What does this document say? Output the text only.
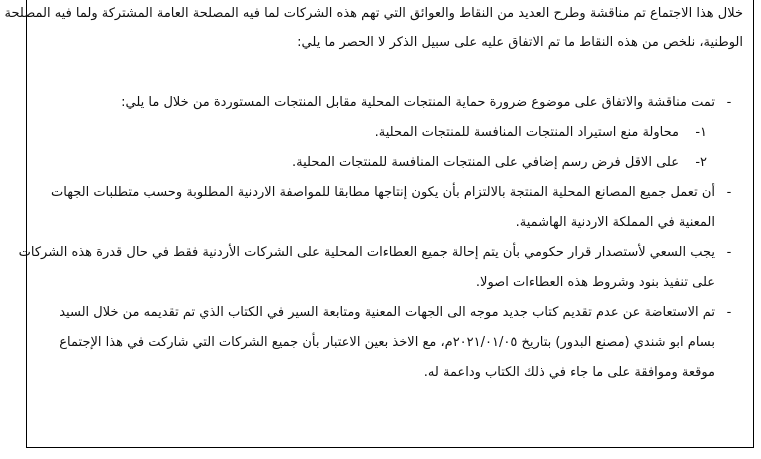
خلال هذا الاجتماع تم مناقشة وطرح العديد من النقاط والعوائق التي تهم هذه الشركات لما فيه المصلحة العامة المشتركة ولما فيه المصلحة
الوطنية، نلخص من هذه النقاط ما تم الاتفاق عليه على سبيل الذكر لا الحصر ما يلي:
-
تمت مناقشة والاتفاق على موضوع ضرورة حماية المنتجات المحلية مقابل المنتجات المستوردة من خلال ما يلي:
١-
محاولة منع استيراد المنتجات المنافسة للمنتجات المحلية.
٢-
على الاقل فرض رسم إضافي على المنتجات المنافسة للمنتجات المحلية.
-
أن تعمل جميع المصانع المحلية المنتجة بالالتزام بأن يكون إنتاجها مطابقا للمواصفة الاردنية المطلوبة وحسب متطلبات الجهات
المعنية في المملكة الاردنية الهاشمية.
-
يجب السعي لأستصدار قرار حكومي بأن يتم إحالة جميع العطاءات المحلية على الشركات الأردنية فقط في حال قدرة هذه الشركات
على تنفيذ بنود وشروط هذه العطاءات اصولا.
-
تم الاستعاضة عن عدم تقديم كتاب جديد موجه الى الجهات المعنية ومتابعة السير في الكتاب الذي تم تقديمه من خلال السيد
بسام ابو شندي (مصنع البدور) بتاريخ ٢٠٢١/٠١/٠٥م، مع الاخذ بعين الاعتبار بأن جميع الشركات التي شاركت في هذا الإجتماع
موقعة وموافقة على ما جاء في ذلك الكتاب وداعمة له.
